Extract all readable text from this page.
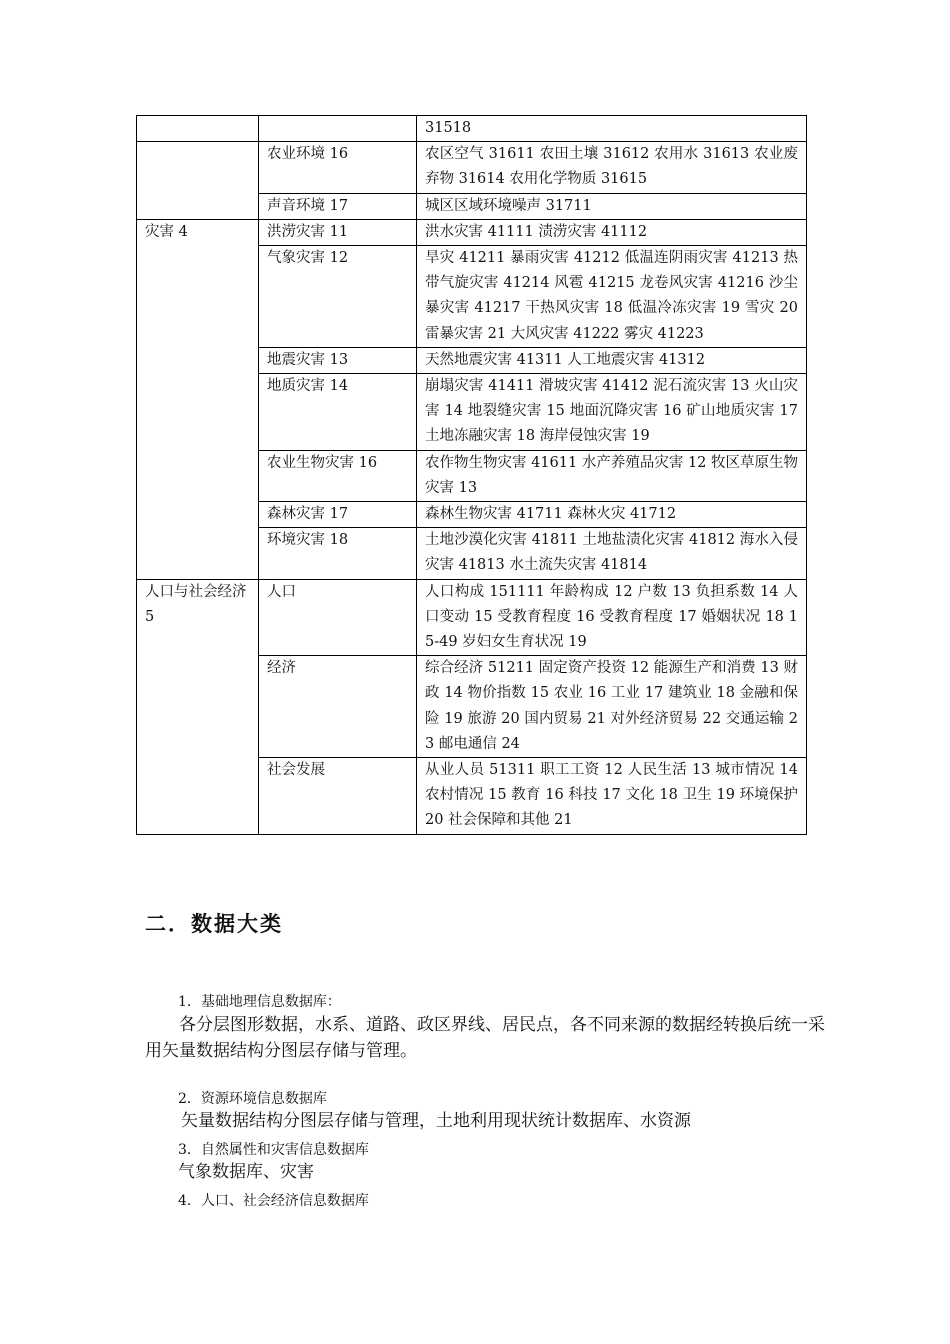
		31518
	农业环境 16	农区空气 31611 农田土壤 31612 农用水 31613 农业废弃物 31614 农用化学物质 31615
	声音环境 17	城区区域环境噪声 31711
灾害 4	洪涝灾害 11	洪水灾害 41111 渍涝灾害 41112
	气象灾害 12	旱灾 41211 暴雨灾害 41212 低温连阴雨灾害 41213 热带气旋灾害 41214 风雹 41215 龙卷风灾害 41216 沙尘暴灾害 41217 干热风灾害 18 低温冷冻灾害 19 雪灾 20 雷暴灾害 21 大风灾害 41222 雾灾 41223
	地震灾害 13	天然地震灾害 41311 人工地震灾害 41312
	地质灾害 14	崩塌灾害 41411 滑坡灾害 41412 泥石流灾害 13 火山灾害 14 地裂缝灾害 15 地面沉降灾害 16 矿山地质灾害 17 土地冻融灾害 18 海岸侵蚀灾害 19
	农业生物灾害 16	农作物生物灾害 41611 水产养殖品灾害 12 牧区草原生物灾害 13
	森林灾害 17	森林生物灾害 41711 森林火灾 41712
	环境灾害 18	土地沙漠化灾害 41811 土地盐渍化灾害 41812 海水入侵灾害 41813 水土流失灾害 41814
人口与社会经济 5	人口	人口构成 151111 年龄构成 12 户数 13 负担系数 14 人口变动 15 受教育程度 16 受教育程度 17 婚姻状况 18 15-49 岁妇女生育状况 19
	经济	综合经济 51211 固定资产投资 12 能源生产和消费 13 财政 14 物价指数 15 农业 16 工业 17 建筑业 18 金融和保险 19 旅游 20 国内贸易 21 对外经济贸易 22 交通运输 23 邮电通信 24
	社会发展	从业人员 51311 职工工资 12 人民生活 13 城市情况 14 农村情况 15 教育 16 科技 17 文化 18 卫生 19 环境保护 20 社会保障和其他 21
二．数据大类
1．基础地理信息数据库：
各分层图形数据，水系、道路、政区界线、居民点，各不同来源的数据经转换后统一采用矢量数据结构分图层存储与管理。
2．资源环境信息数据库
矢量数据结构分图层存储与管理，土地利用现状统计数据库、水资源
3．自然属性和灾害信息数据库
气象数据库、灾害
4．人口、社会经济信息数据库
